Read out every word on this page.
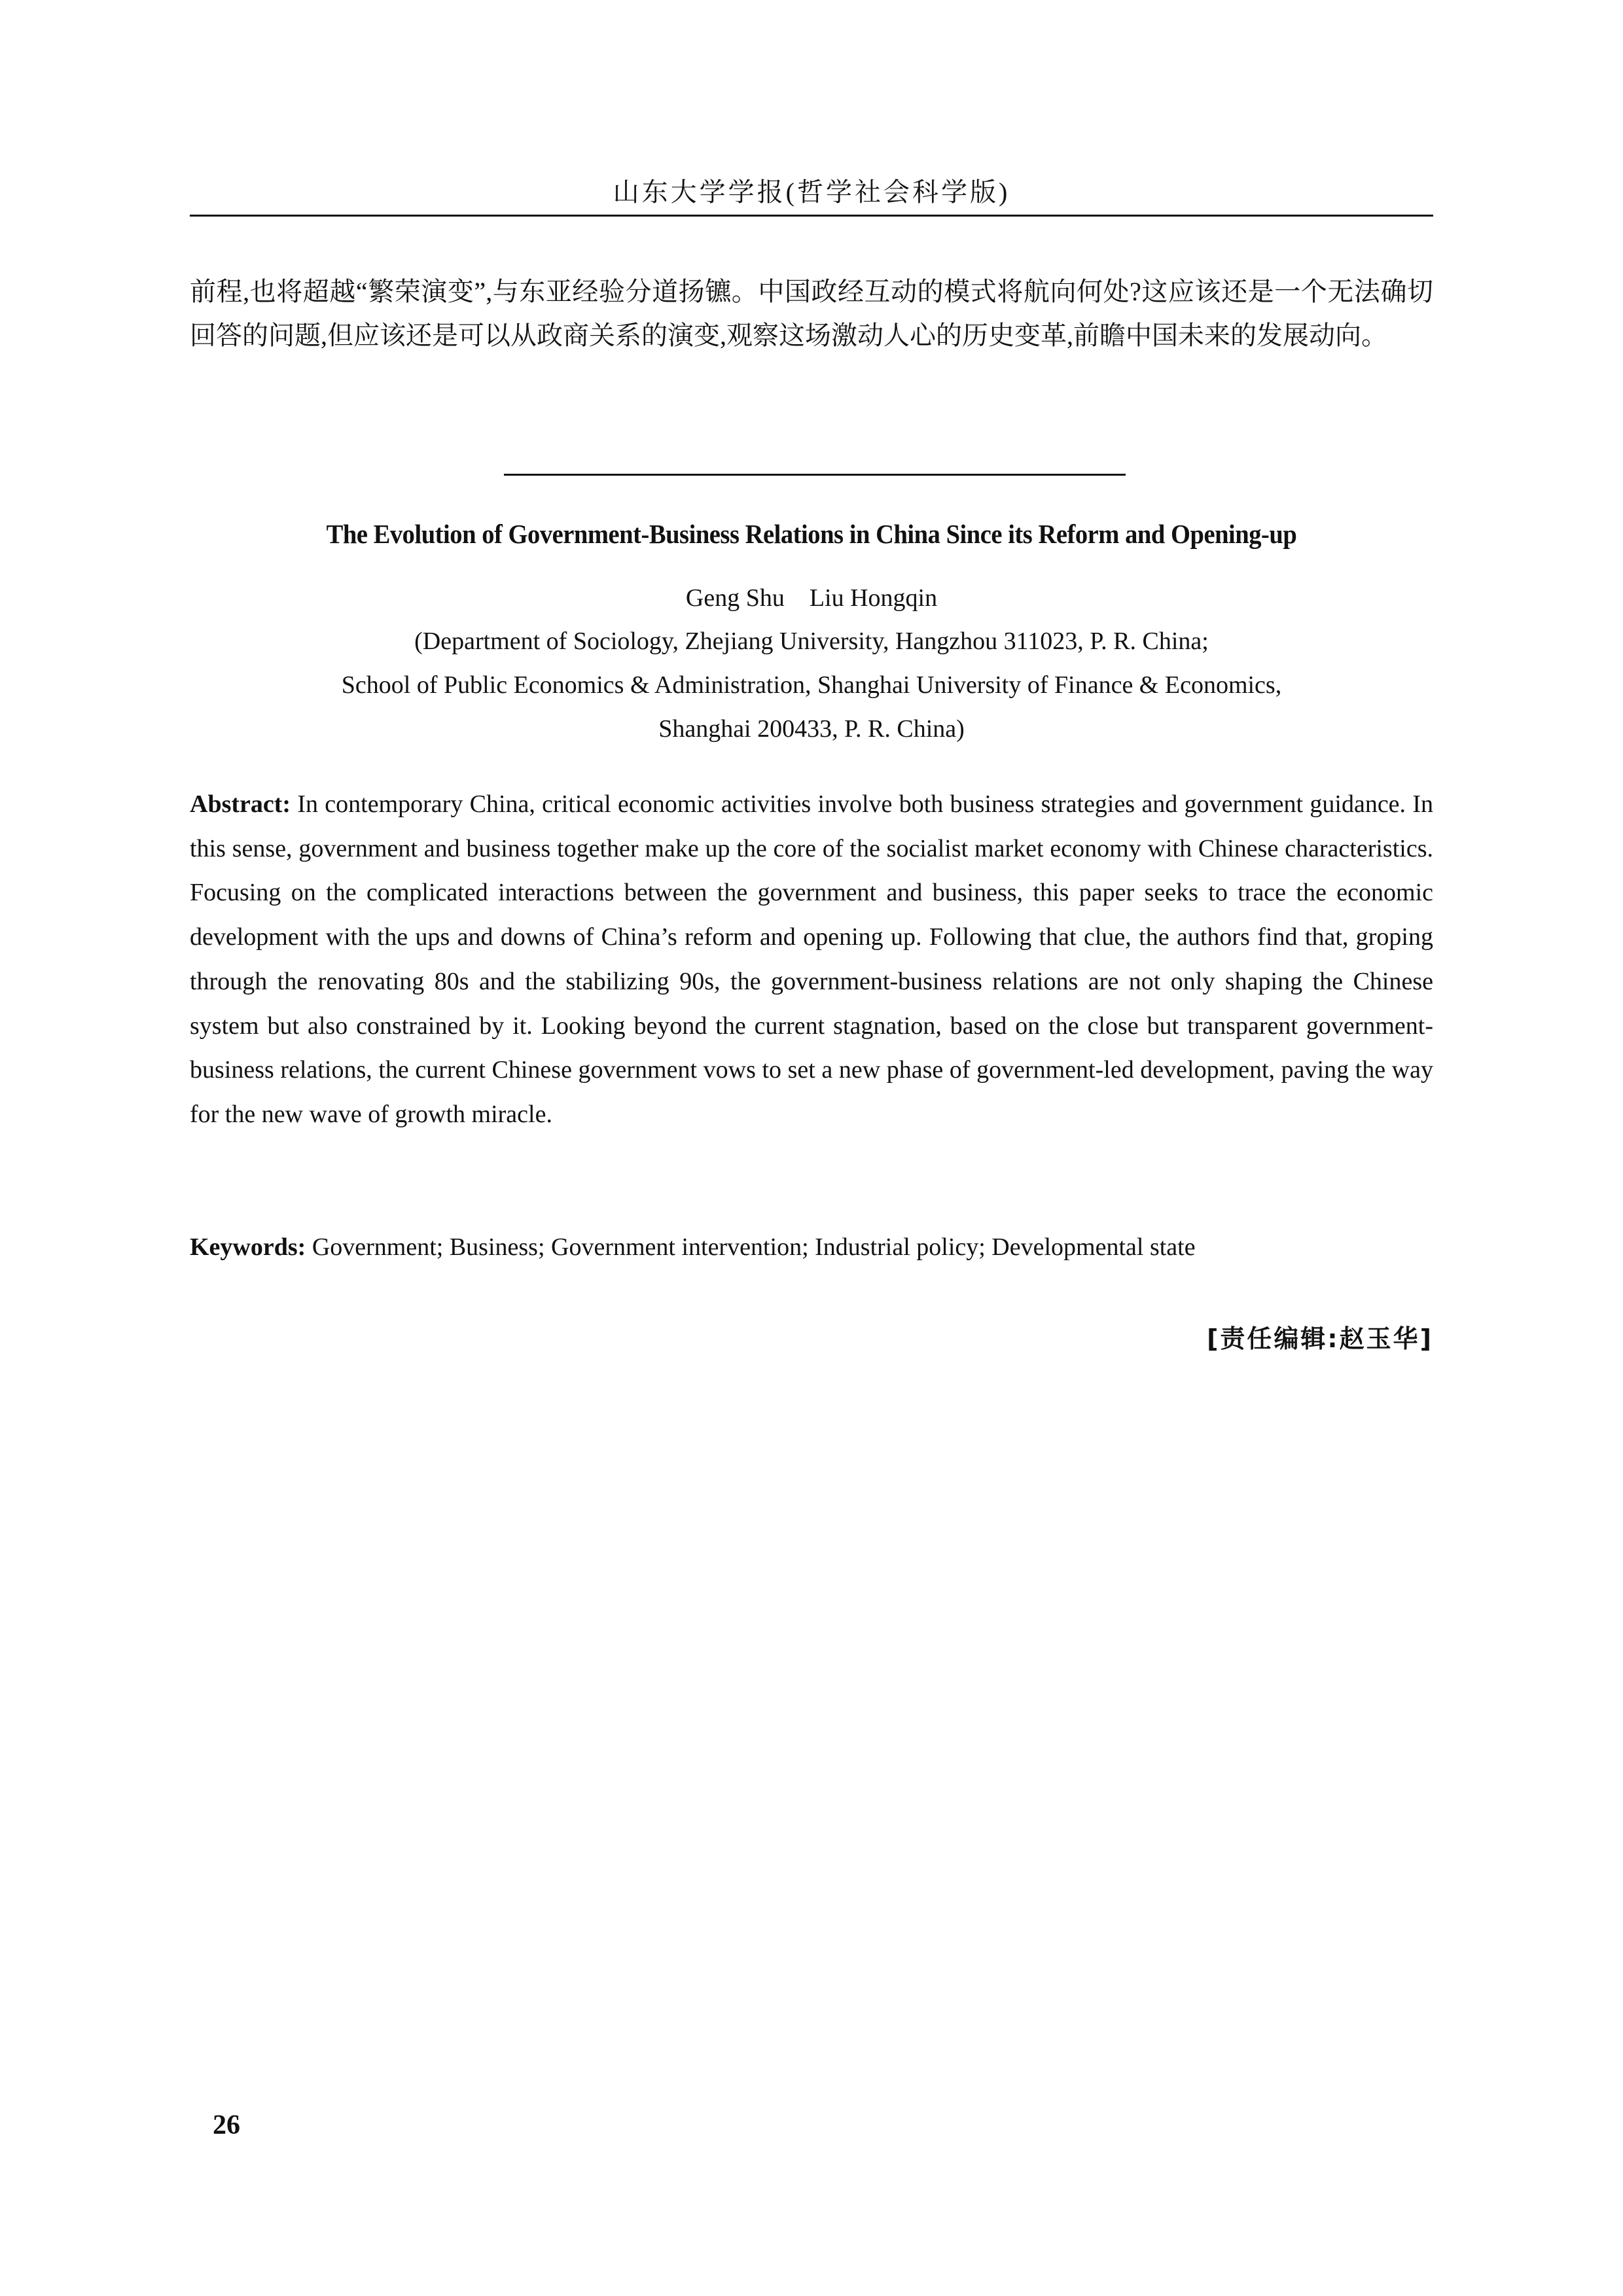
山东大学学报(哲学社会科学版)

前程,也将超越“繁荣演变”,与东亚经验分道扬镳。中国政经互动的模式将航向何处?这应该还是一个无法确切回答的问题,但应该还是可以从政商关系的演变,观察这场激动人心的历史变革,前瞻中国未来的发展动向。

The Evolution of Government-Business Relations in China Since its Reform and Opening-up
Geng Shu    Liu Hongqin
(Department of Sociology, Zhejiang University, Hangzhou 311023, P. R. China;
School of Public Economics & Administration, Shanghai University of Finance & Economics,
Shanghai 200433, P. R. China)

Abstract: In contemporary China, critical economic activities involve both business strategies and government guidance. In this sense, government and business together make up the core of the socialist market economy with Chinese characteristics. Focusing on the complicated interactions between the government and business, this paper seeks to trace the economic development with the ups and downs of China’s reform and opening up. Following that clue, the authors find that, groping through the renovating 80s and the stabilizing 90s, the government-business relations are not only shaping the Chinese system but also constrained by it. Looking beyond the current stagnation, based on the close but transparent government-business relations, the current Chinese government vows to set a new phase of government-led development, paving the way for the new wave of growth miracle.

Keywords: Government; Business; Government intervention; Industrial policy; Developmental state
[责任编辑:赵玉华]
26
